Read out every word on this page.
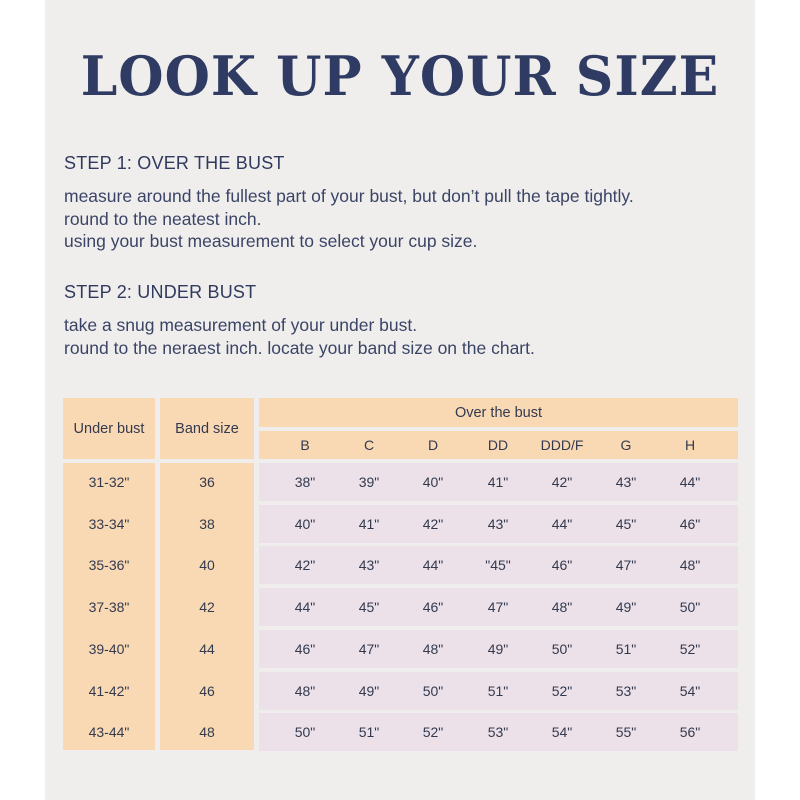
LOOK UP YOUR SIZE
STEP 1: OVER THE BUST
measure around the fullest part of your bust, but don’t pull the tape tightly.
round to the neatest inch.
using your bust measurement to select your cup size.
STEP 2: UNDER BUST
take a snug measurement of your under bust.
round to the neraest inch. locate your band size on the chart.
Under bust	Band size
Over the bust
B	C	D	DD	DDD/F	G	H
31-32"	36	38"	39"	40"	41"	42"	43"	44"
33-34"	38	40"	41"	42"	43"	44"	45"	46"
35-36"	40	42"	43"	44"	"45"	46"	47"	48"
37-38"	42	44"	45"	46"	47"	48"	49"	50"
39-40"	44	46"	47"	48"	49"	50"	51"	52"
41-42"	46	48"	49"	50"	51"	52"	53"	54"
43-44"	48	50"	51"	52"	53"	54"	55"	56"
